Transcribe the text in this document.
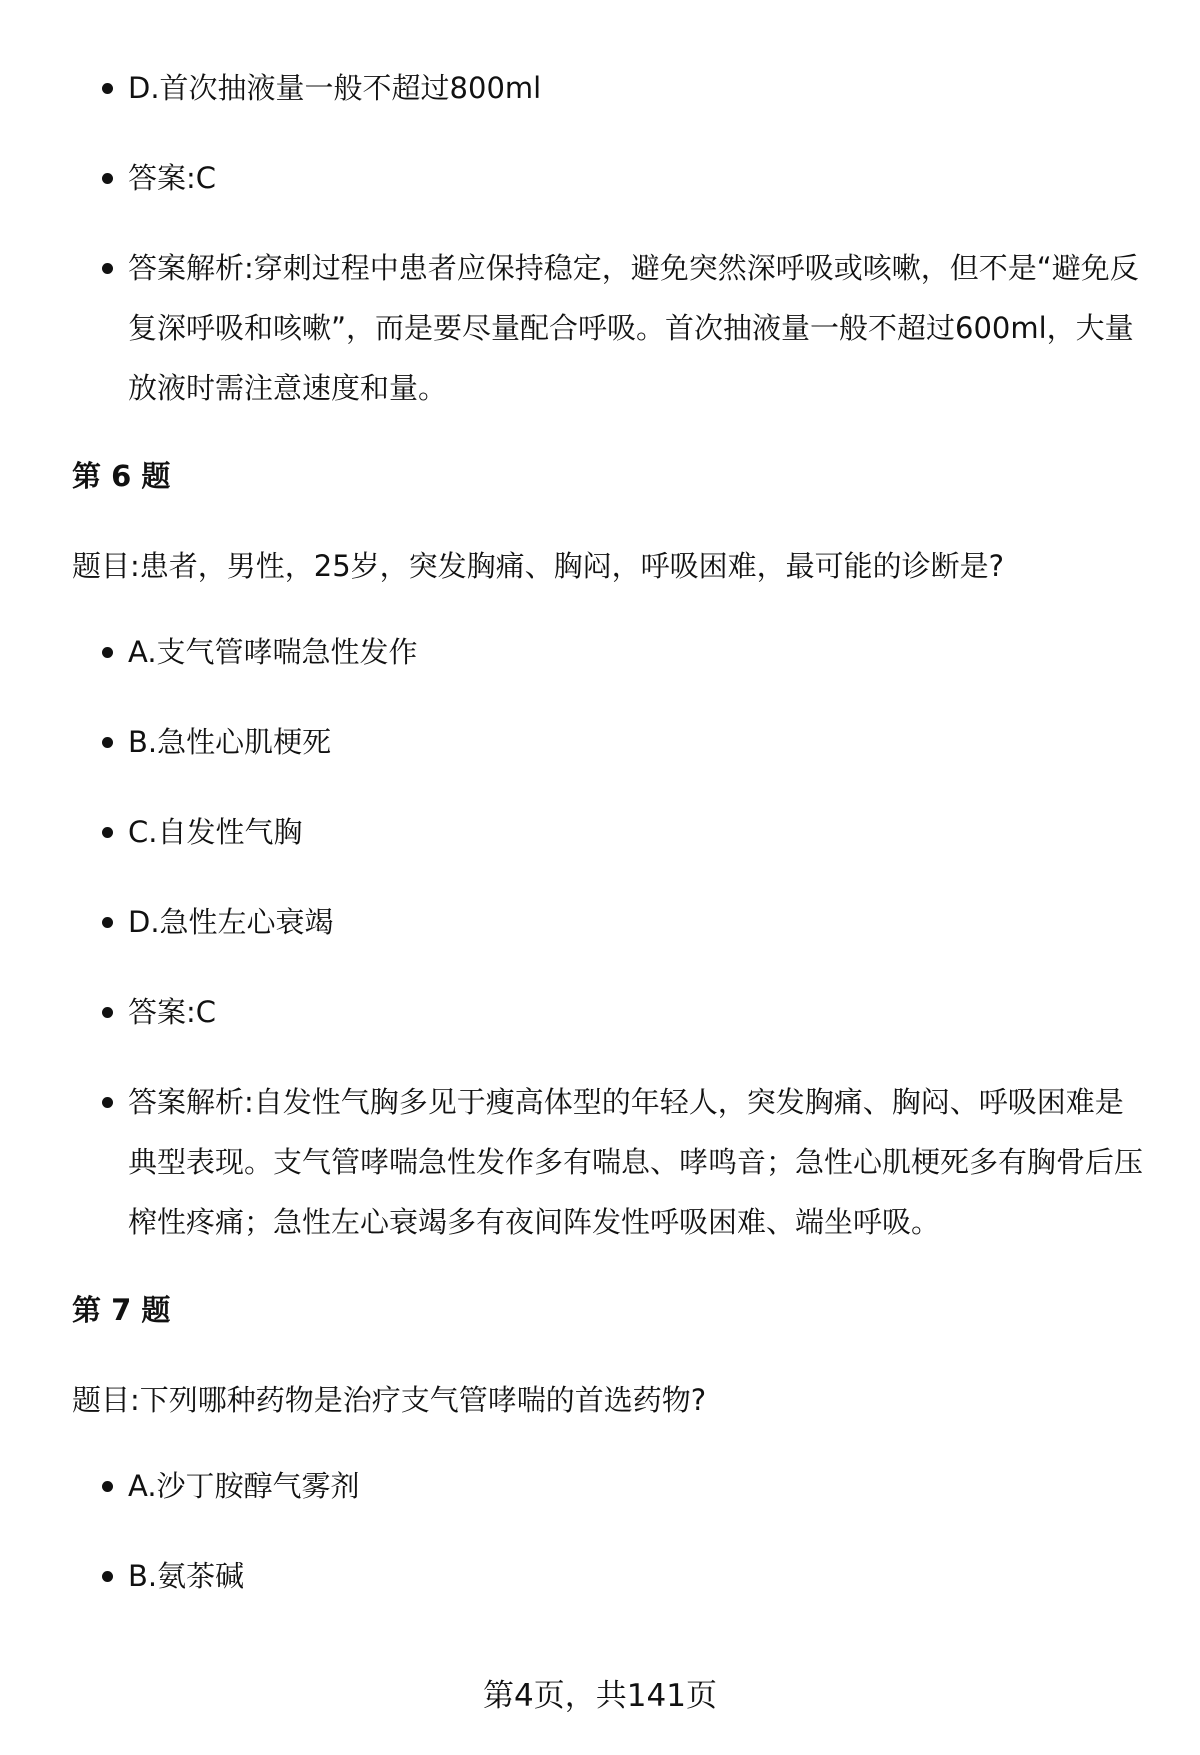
D.首次抽液量一般不超过800ml
答案:C
答案解析:穿刺过程中患者应保持稳定，避免突然深呼吸或咳嗽，但不是“避免反复深呼吸和咳嗽”，而是要尽量配合呼吸。首次抽液量一般不超过600ml，大量放液时需注意速度和量。
第 6 题
题目:患者，男性，25岁，突发胸痛、胸闷，呼吸困难，最可能的诊断是?
A.支气管哮喘急性发作
B.急性心肌梗死
C.自发性气胸
D.急性左心衰竭
答案:C
答案解析:自发性气胸多见于瘦高体型的年轻人，突发胸痛、胸闷、呼吸困难是典型表现。支气管哮喘急性发作多有喘息、哮鸣音；急性心肌梗死多有胸骨后压榨性疼痛；急性左心衰竭多有夜间阵发性呼吸困难、端坐呼吸。
第 7 题
题目:下列哪种药物是治疗支气管哮喘的首选药物?
A.沙丁胺醇气雾剂
B.氨茶碱
第4页，共141页
